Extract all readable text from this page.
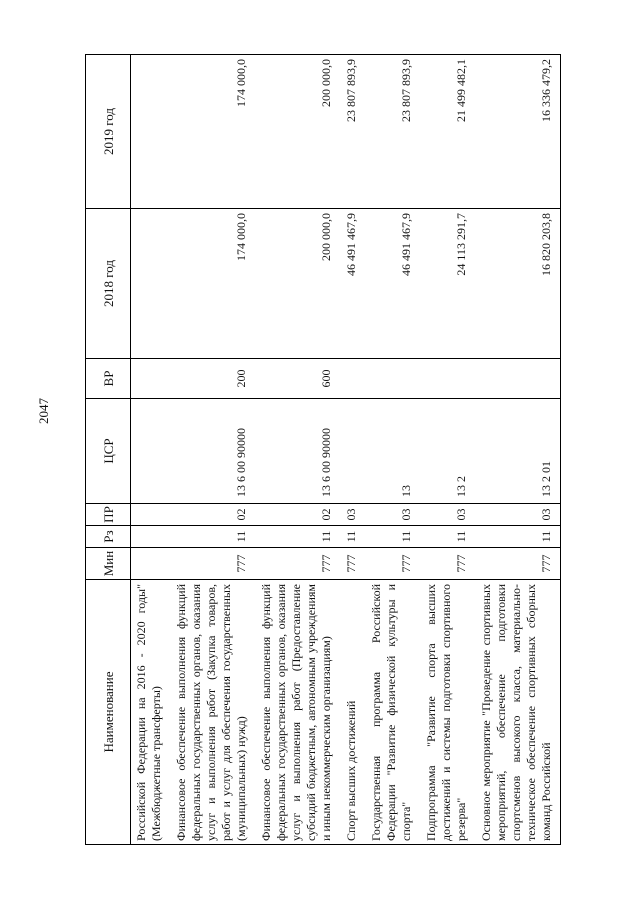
2047
Наименование	Мин	Рз	ПР	ЦСР	ВР	2018 год	2019 год
Российской Федерации на 2016 - 2020 годы" (Межбюджетные трансферты)							
Финансовое обеспечение выполнения функций федеральных государственных органов, оказания услуг и выполнения работ (Закупка товаров, работ и услуг для обеспечения государственных (муниципальных) нужд)	777	11	02	13 6 00 90000	200	174 000,0	174 000,0
Финансовое обеспечение выполнения функций федеральных государственных органов, оказания услуг и выполнения работ (Предоставление субсидий бюджетным, автономным учреждениям и иным некоммерческим организациям)	777	11	02	13 6 00 90000	600	200 000,0	200 000,0
Спорт высших достижений	777	11	03			46 491 467,9	23 807 893,9
Государственная программа Российской Федерации "Развитие физической культуры и спорта"	777	11	03	13		46 491 467,9	23 807 893,9
Подпрограмма "Развитие спорта высших достижений и системы подготовки спортивного резерва"	777	11	03	13 2		24 113 291,7	21 499 482,1
Основное мероприятие "Проведение спортивных мероприятий, обеспечение подготовки спортсменов высокого класса, материально-техническое обеспечение спортивных сборных команд Российской	777	11	03	13 2 01		16 820 203,8	16 336 479,2
